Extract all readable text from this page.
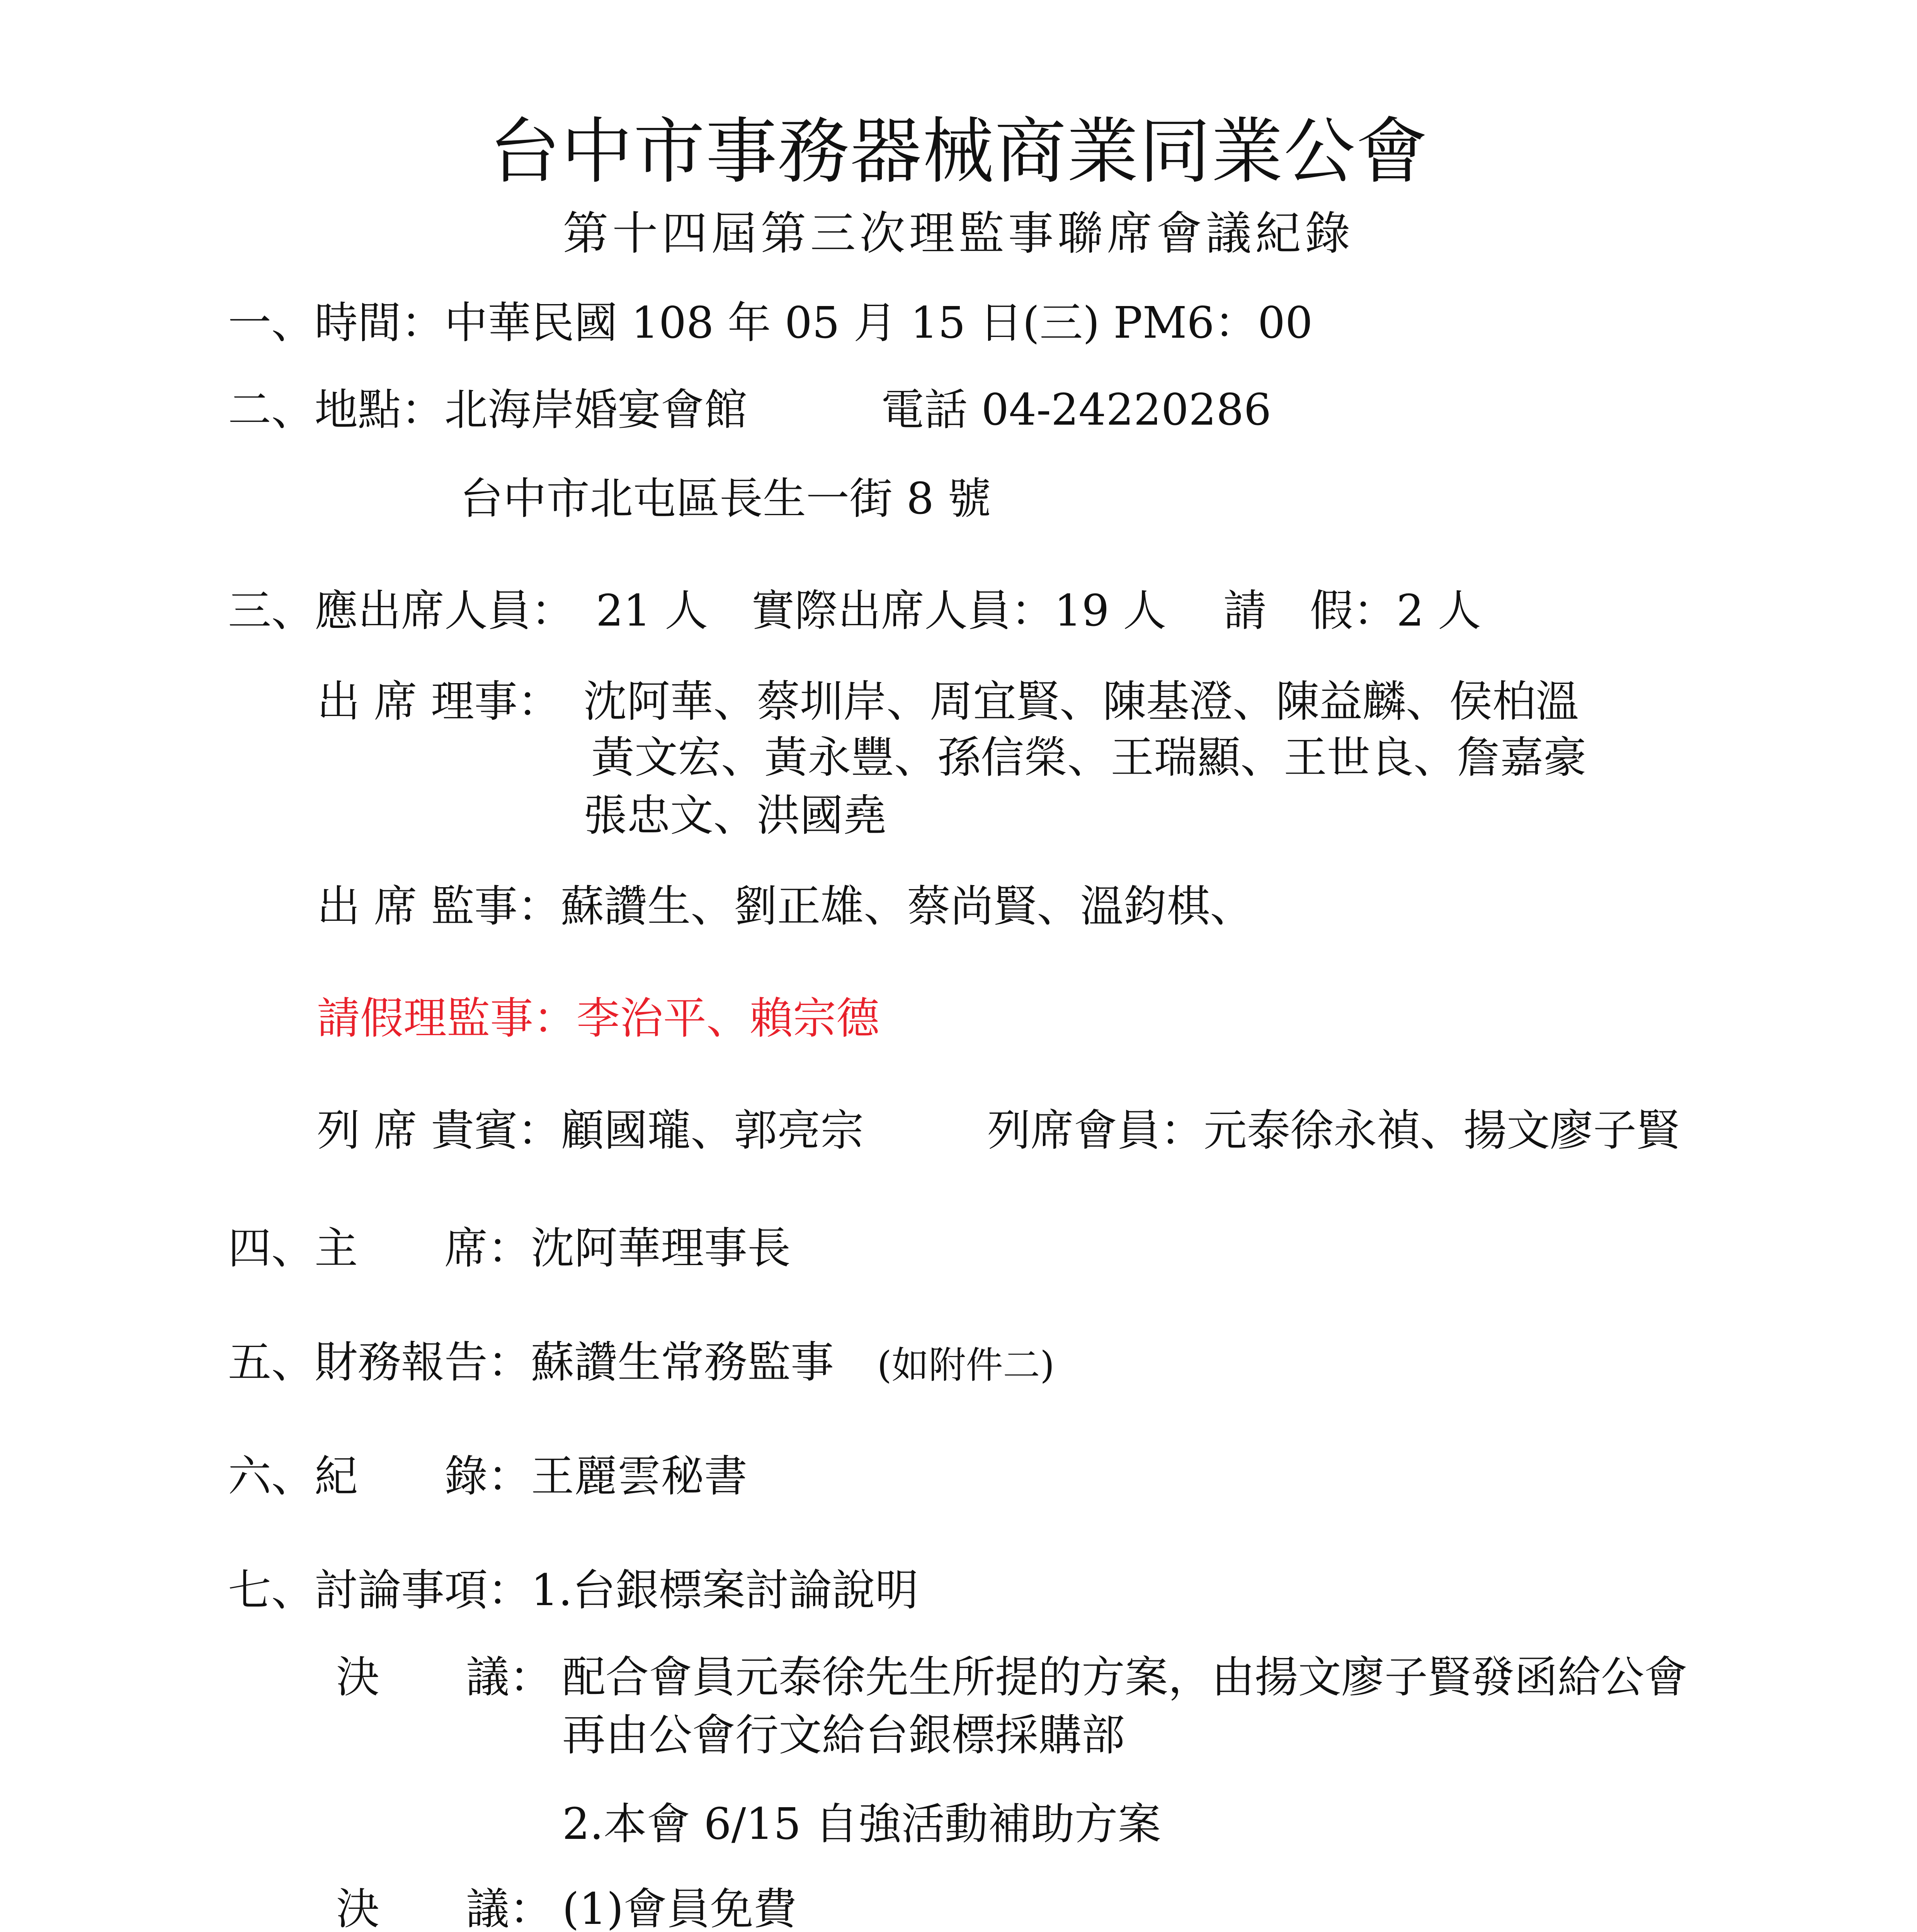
台中市事務器械商業同業公會
第十四屆第三次理監事聯席會議紀錄
一、時間：中華民國 108 年 05 月 15 日(三) PM6：00
二、地點：北海岸婚宴會館	電話 04-24220286
台中市北屯區長生一街 8 號
三、應出席人員：　21 人　實際出席人員：19 人　 請　假：2 人
出 席 理事： 沈阿華、蔡圳岸、周宜賢、陳基澄、陳益麟、侯柏溫
黃文宏、黃永豐、孫信榮、王瑞顯、王世良、詹嘉豪
張忠文、洪國堯
出 席 監事：蘇讚生、劉正雄、蔡尚賢、溫鈞棋、
請假理監事：李治平、賴宗德
列 席 貴賓：顧國瓏、郭亮宗	列席會員：元泰徐永禎、揚文廖子賢
四、主　　席：沈阿華理事長
五、財務報告：蘇讚生常務監事 (如附件二)
六、紀　　錄：王麗雲秘書
七、討論事項：1.台銀標案討論說明
決　　議： 配合會員元泰徐先生所提的方案，由揚文廖子賢發函給公會
再由公會行文給台銀標採購部
2.本會 6/15 自強活動補助方案
決　　議： (1)會員免費
